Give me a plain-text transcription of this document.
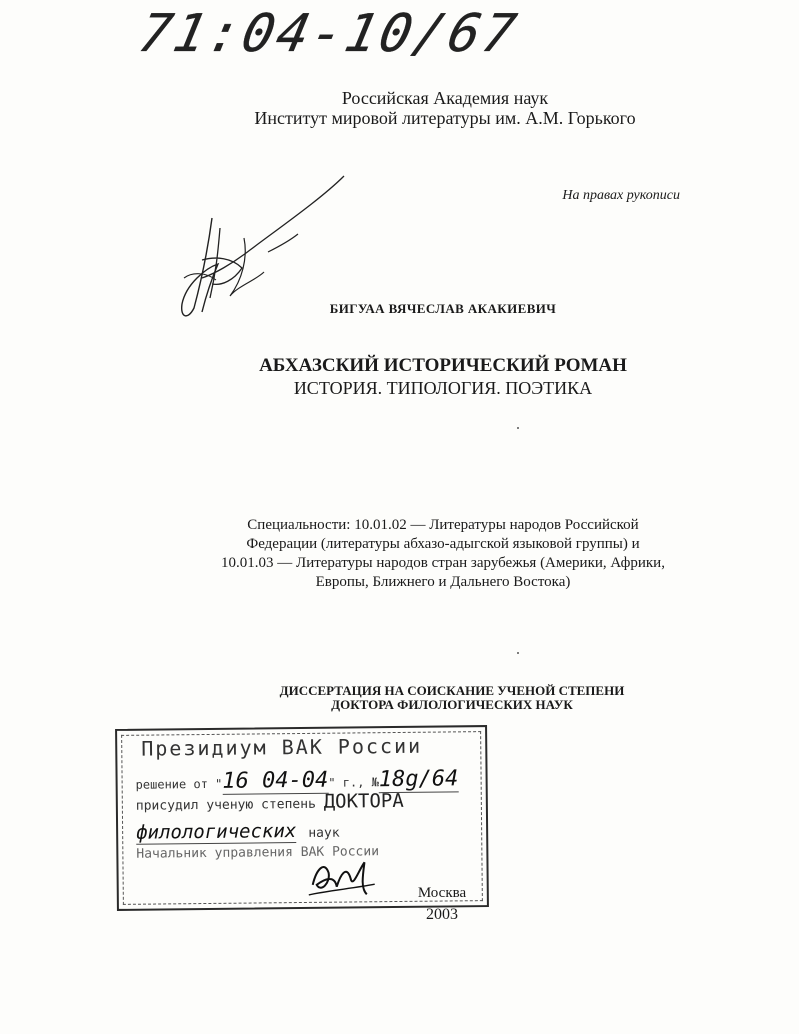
71:04-10/67
Российская Академия наук
Институт мировой литературы им. А.М. Горького
На правах рукописи
БИГУАА ВЯЧЕСЛАВ АКАКИЕВИЧ
АБХАЗСКИЙ ИСТОРИЧЕСКИЙ РОМАН
ИСТОРИЯ. ТИПОЛОГИЯ. ПОЭТИКА
Специальности: 10.01.02 — Литературы народов Российской Федерации (литературы абхазо-адыгской языковой группы) и 10.01.03 — Литературы народов стран зарубежья (Америки, Африки, Европы, Ближнего и Дальнего Востока)
ДИССЕРТАЦИЯ НА СОИСКАНИЕ УЧЕНОЙ СТЕПЕНИ
ДОКТОРА ФИЛОЛОГИЧЕСКИХ НАУК
Президиум ВАК России
решение от "16 04-04" г., №18g/64
присудил ученую степень ДОКТОРА
филологических наук
Начальник управления ВАК России
Москва
2003
